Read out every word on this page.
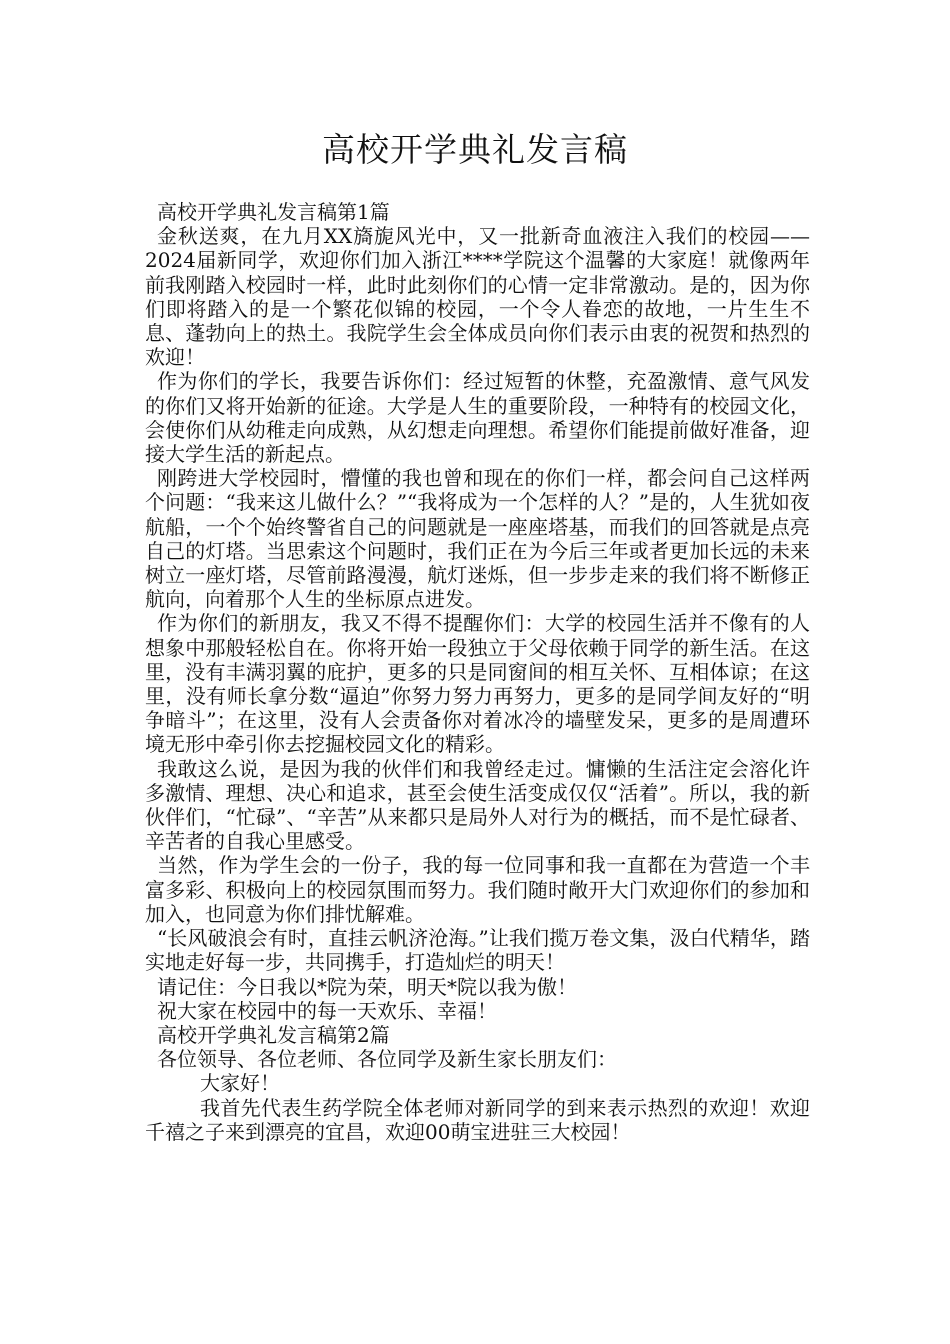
高校开学典礼发言稿

高校开学典礼发言稿第1篇

金秋送爽，在九月XX旖旎风光中，又一批新奇血液注入我们的校园——2024届新同学，欢迎你们加入浙江****学院这个温馨的大家庭！就像两年前我刚踏入校园时一样，此时此刻你们的心情一定非常激动。是的，因为你们即将踏入的是一个繁花似锦的校园，一个令人眷恋的故地，一片生生不息、蓬勃向上的热土。我院学生会全体成员向你们表示由衷的祝贺和热烈的欢迎！

作为你们的学长，我要告诉你们：经过短暂的休整，充盈激情、意气风发的你们又将开始新的征途。大学是人生的重要阶段，一种特有的校园文化，会使你们从幼稚走向成熟，从幻想走向理想。希望你们能提前做好准备，迎接大学生活的新起点。

刚跨进大学校园时，懵懂的我也曾和现在的你们一样，都会问自己这样两个问题：“我来这儿做什么？”“我将成为一个怎样的人？”是的，人生犹如夜航船，一个个始终警省自己的问题就是一座座塔基，而我们的回答就是点亮自己的灯塔。当思索这个问题时，我们正在为今后三年或者更加长远的未来树立一座灯塔，尽管前路漫漫，航灯迷烁，但一步步走来的我们将不断修正航向，向着那个人生的坐标原点进发。

作为你们的新朋友，我又不得不提醒你们：大学的校园生活并不像有的人想象中那般轻松自在。你将开始一段独立于父母依赖于同学的新生活。在这里，没有丰满羽翼的庇护，更多的只是同窗间的相互关怀、互相体谅；在这里，没有师长拿分数“逼迫”你努力努力再努力，更多的是同学间友好的“明争暗斗”；在这里，没有人会责备你对着冰冷的墙壁发呆，更多的是周遭环境无形中牵引你去挖掘校园文化的精彩。

我敢这么说，是因为我的伙伴们和我曾经走过。慵懒的生活注定会溶化许多激情、理想、决心和追求，甚至会使生活变成仅仅“活着”。所以，我的新伙伴们，“忙碌”、“辛苦”从来都只是局外人对行为的概括，而不是忙碌者、辛苦者的自我心里感受。

当然，作为学生会的一份子，我的每一位同事和我一直都在为营造一个丰富多彩、积极向上的校园氛围而努力。我们随时敞开大门欢迎你们的参加和加入，也同意为你们排忧解难。

“长风破浪会有时，直挂云帆济沧海。”让我们揽万卷文集，汲白代精华，踏实地走好每一步，共同携手，打造灿烂的明天！

请记住：今日我以*院为荣，明天*院以我为傲！

祝大家在校园中的每一天欢乐、幸福！

高校开学典礼发言稿第2篇

各位领导、各位老师、各位同学及新生家长朋友们：

大家好！

我首先代表生药学院全体老师对新同学的到来表示热烈的欢迎！欢迎千禧之子来到漂亮的宜昌，欢迎00萌宝进驻三大校园！
